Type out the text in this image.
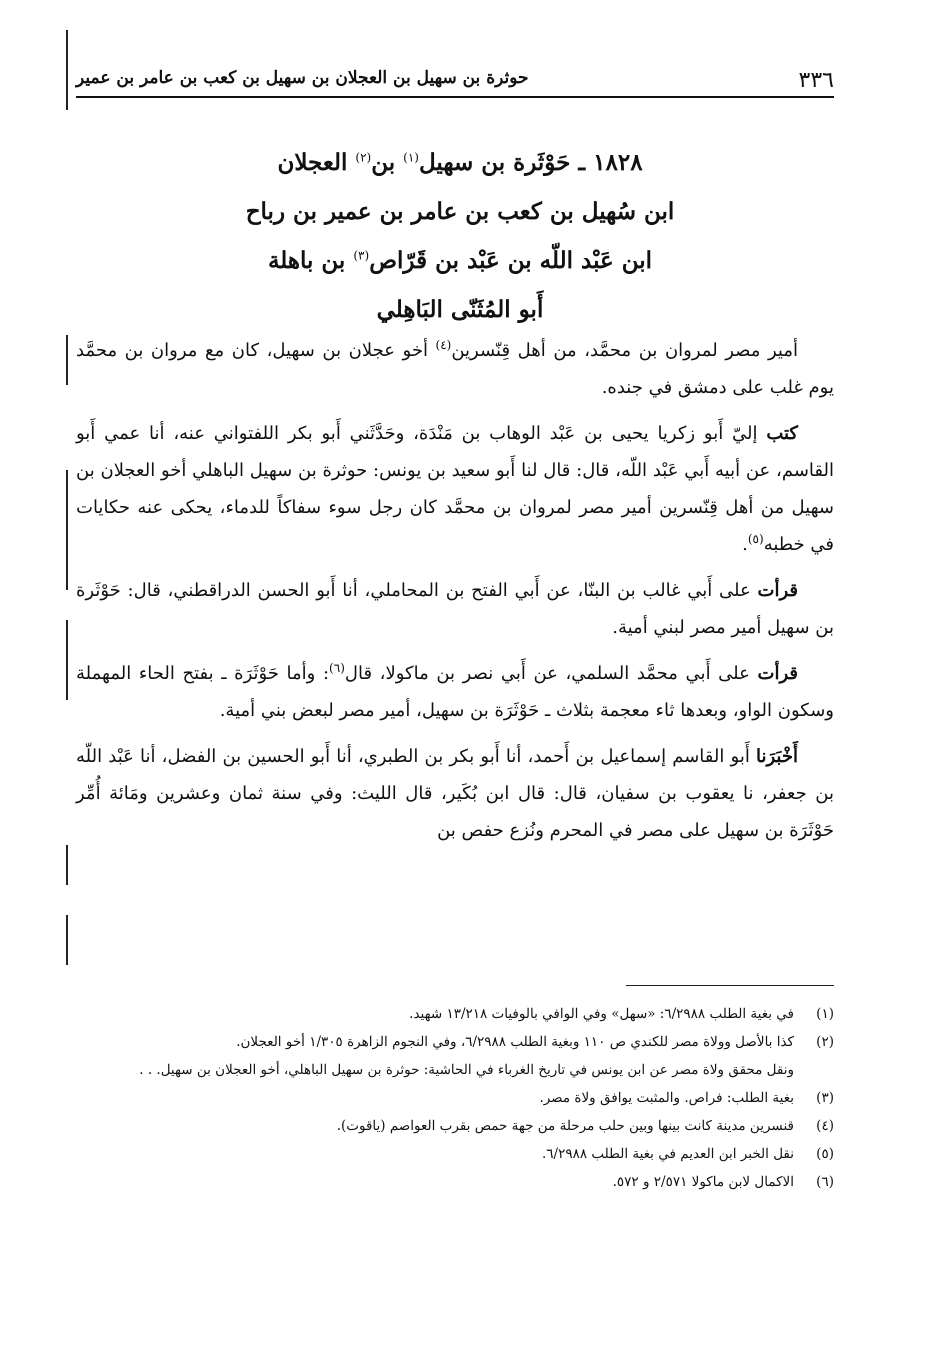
٣٣٦
حوثرة بن سهيل بن العجلان بن سهيل بن كعب بن عامر بن عمير
١٨٢٨ ـ حَوْثَرة بن سهيل$^{(١)}$ بن$^{(٢)}$ العجلان
ابن سُهيل بن كعب بن عامر بن عمير بن رباح
ابن عَبْد اللّه بن عَبْد بن قَرّاص$^{(٣)}$ بن باهلة
أَبو المُثَنّى البَاهِلي

أمير مصر لمروان بن محمَّد، من أهل قِنّسرين$^{(٤)}$ أخو عجلان بن سهيل، كان مع مروان بن محمَّد يوم غلب على دمشق في جنده.

كتب إليّ أَبو زكريا يحيى بن عَبْد الوهاب بن مَنْدَة، وحَدَّثَني أَبو بكر اللفتواني عنه، أنا عمي أَبو القاسم، عن أبيه أَبي عَبْد اللّه، قال: قال لنا أَبو سعيد بن يونس: حوثرة بن سهيل الباهلي أخو العجلان بن سهيل من أهل قِنّسرين أمير مصر لمروان بن محمَّد كان رجل سوء سفاكاً للدماء، يحكى عنه حكايات في خطبه$^{(٥)}$.

قرأت على أَبي غالب بن البنّا، عن أَبي الفتح بن المحاملي، أنا أَبو الحسن الدراقطني، قال: حَوْثَرة بن سهيل أمير مصر لبني أمية.

قرأت على أَبي محمَّد السلمي، عن أَبي نصر بن ماكولا، قال$^{(٦)}$: وأما حَوْثَرَة ـ بفتح الحاء المهملة وسكون الواو، وبعدها ثاء معجمة بثلاث ـ حَوْثَرَة بن سهيل، أمير مصر لبعض بني أمية.

أَخْبَرَنا أَبو القاسم إسماعيل بن أَحمد، أنا أَبو بكر بن الطبري، أنا أَبو الحسين بن الفضل، أنا عَبْد اللّه بن جعفر، نا يعقوب بن سفيان، قال: قال ابن بُكَير، قال الليث: وفي سنة ثمان وعشرين ومَائة أُمِّر حَوْثَرَة بن سهيل على مصر في المحرم ونُزع حفص بن

(١)
في بغية الطلب ٦/٢٩٨٨: «سهل» وفي الوافي بالوفيات ١٣/٢١٨ شهيد.
(٢)
كذا بالأصل وولاة مصر للكندي ص ١١٠ وبغية الطلب ٦/٢٩٨٨، وفي النجوم الزاهرة ١/٣٠٥ أخو العجلان.
ونقل محقق ولاة مصر عن ابن يونس في تاريخ الغرباء في الحاشية: حوثرة بن سهيل الباهلي، أخو العجلان بن سهيل. . .
(٣)
بغية الطلب: فراص. والمثبت يوافق ولاة مصر.
(٤)
قنسرين مدينة كانت بينها وبين حلب مرحلة من جهة حمص بقرب العواصم (ياقوت).
(٥)
نقل الخبر ابن العديم في بغية الطلب ٦/٢٩٨٨.
(٦)
الاكمال لابن ماكولا ٢/٥٧١ و ٥٧٢.
